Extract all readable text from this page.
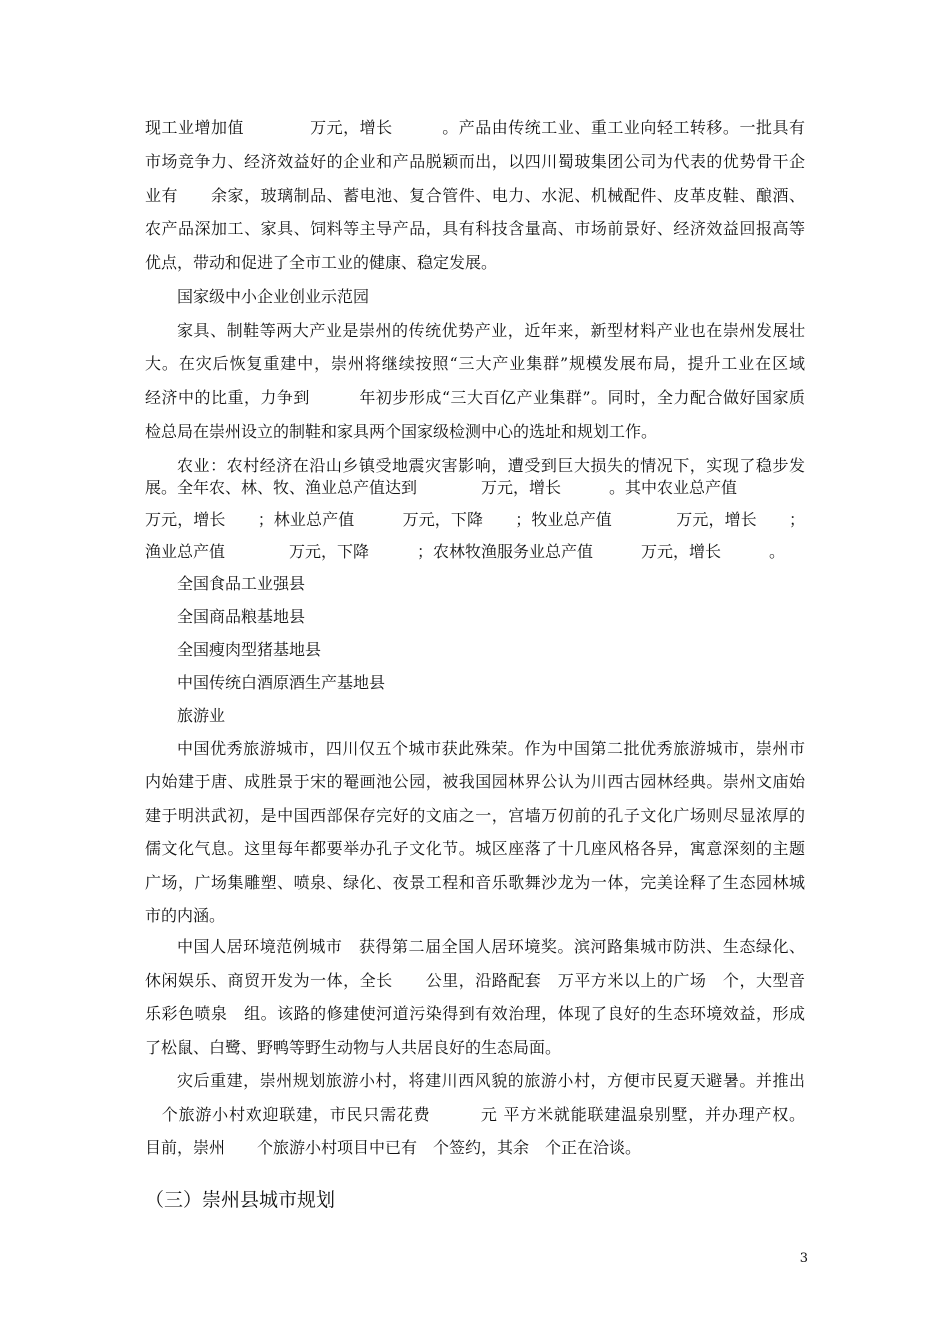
现工业增加值　　　　万元，增长　　　。产品由传统工业、重工业向轻工转移。一批具有
市场竞争力、经济效益好的企业和产品脱颖而出，以四川蜀玻集团公司为代表的优势骨干企
业有　　余家，玻璃制品、蓄电池、复合管件、电力、水泥、机械配件、皮革皮鞋、酿酒、
农产品深加工、家具、饲料等主导产品，具有科技含量高、市场前景好、经济效益回报高等
优点，带动和促进了全市工业的健康、稳定发展。
国家级中小企业创业示范园
家具、制鞋等两大产业是崇州的传统优势产业，近年来，新型材料产业也在崇州发展壮
大。在灾后恢复重建中，崇州将继续按照“三大产业集群”规模发展布局，提升工业在区域
经济中的比重，力争到　　　年初步形成“三大百亿产业集群”。同时，全力配合做好国家质
检总局在崇州设立的制鞋和家具两个国家级检测中心的选址和规划工作。
农业：农村经济在沿山乡镇受地震灾害影响，遭受到巨大损失的情况下，实现了稳步发
展。全年农、林、牧、渔业总产值达到　　　　万元，增长　　　。其中农业总产值
万元，增长　　；林业总产值　　　万元，下降　　；牧业总产值　　　　万元，增长　　；
渔业总产值　　　　万元，下降　　　；农林牧渔服务业总产值　　　万元，增长　　　。
全国食品工业强县
全国商品粮基地县
全国瘦肉型猪基地县
中国传统白酒原酒生产基地县
旅游业
中国优秀旅游城市，四川仅五个城市获此殊荣。作为中国第二批优秀旅游城市，崇州市
内始建于唐、成胜景于宋的罨画池公园，被我国园林界公认为川西古园林经典。崇州文庙始
建于明洪武初，是中国西部保存完好的文庙之一，宫墙万仞前的孔子文化广场则尽显浓厚的
儒文化气息。这里每年都要举办孔子文化节。城区座落了十几座风格各异，寓意深刻的主题
广场，广场集雕塑、喷泉、绿化、夜景工程和音乐歌舞沙龙为一体，完美诠释了生态园林城
市的内涵。
中国人居环境范例城市　获得第二届全国人居环境奖。滨河路集城市防洪、生态绿化、
休闲娱乐、商贸开发为一体，全长　　公里，沿路配套　万平方米以上的广场　个，大型音
乐彩色喷泉　组。该路的修建使河道污染得到有效治理，体现了良好的生态环境效益，形成
了松鼠、白鹭、野鸭等野生动物与人共居良好的生态局面。
灾后重建，崇州规划旅游小村，将建川西风貌的旅游小村，方便市民夏天避暑。并推出
　个旅游小村欢迎联建，市民只需花费　　　元 平方米就能联建温泉别墅，并办理产权。
目前，崇州　　个旅游小村项目中已有　个签约，其余　个正在洽谈。
（三）崇州县城市规划
3
